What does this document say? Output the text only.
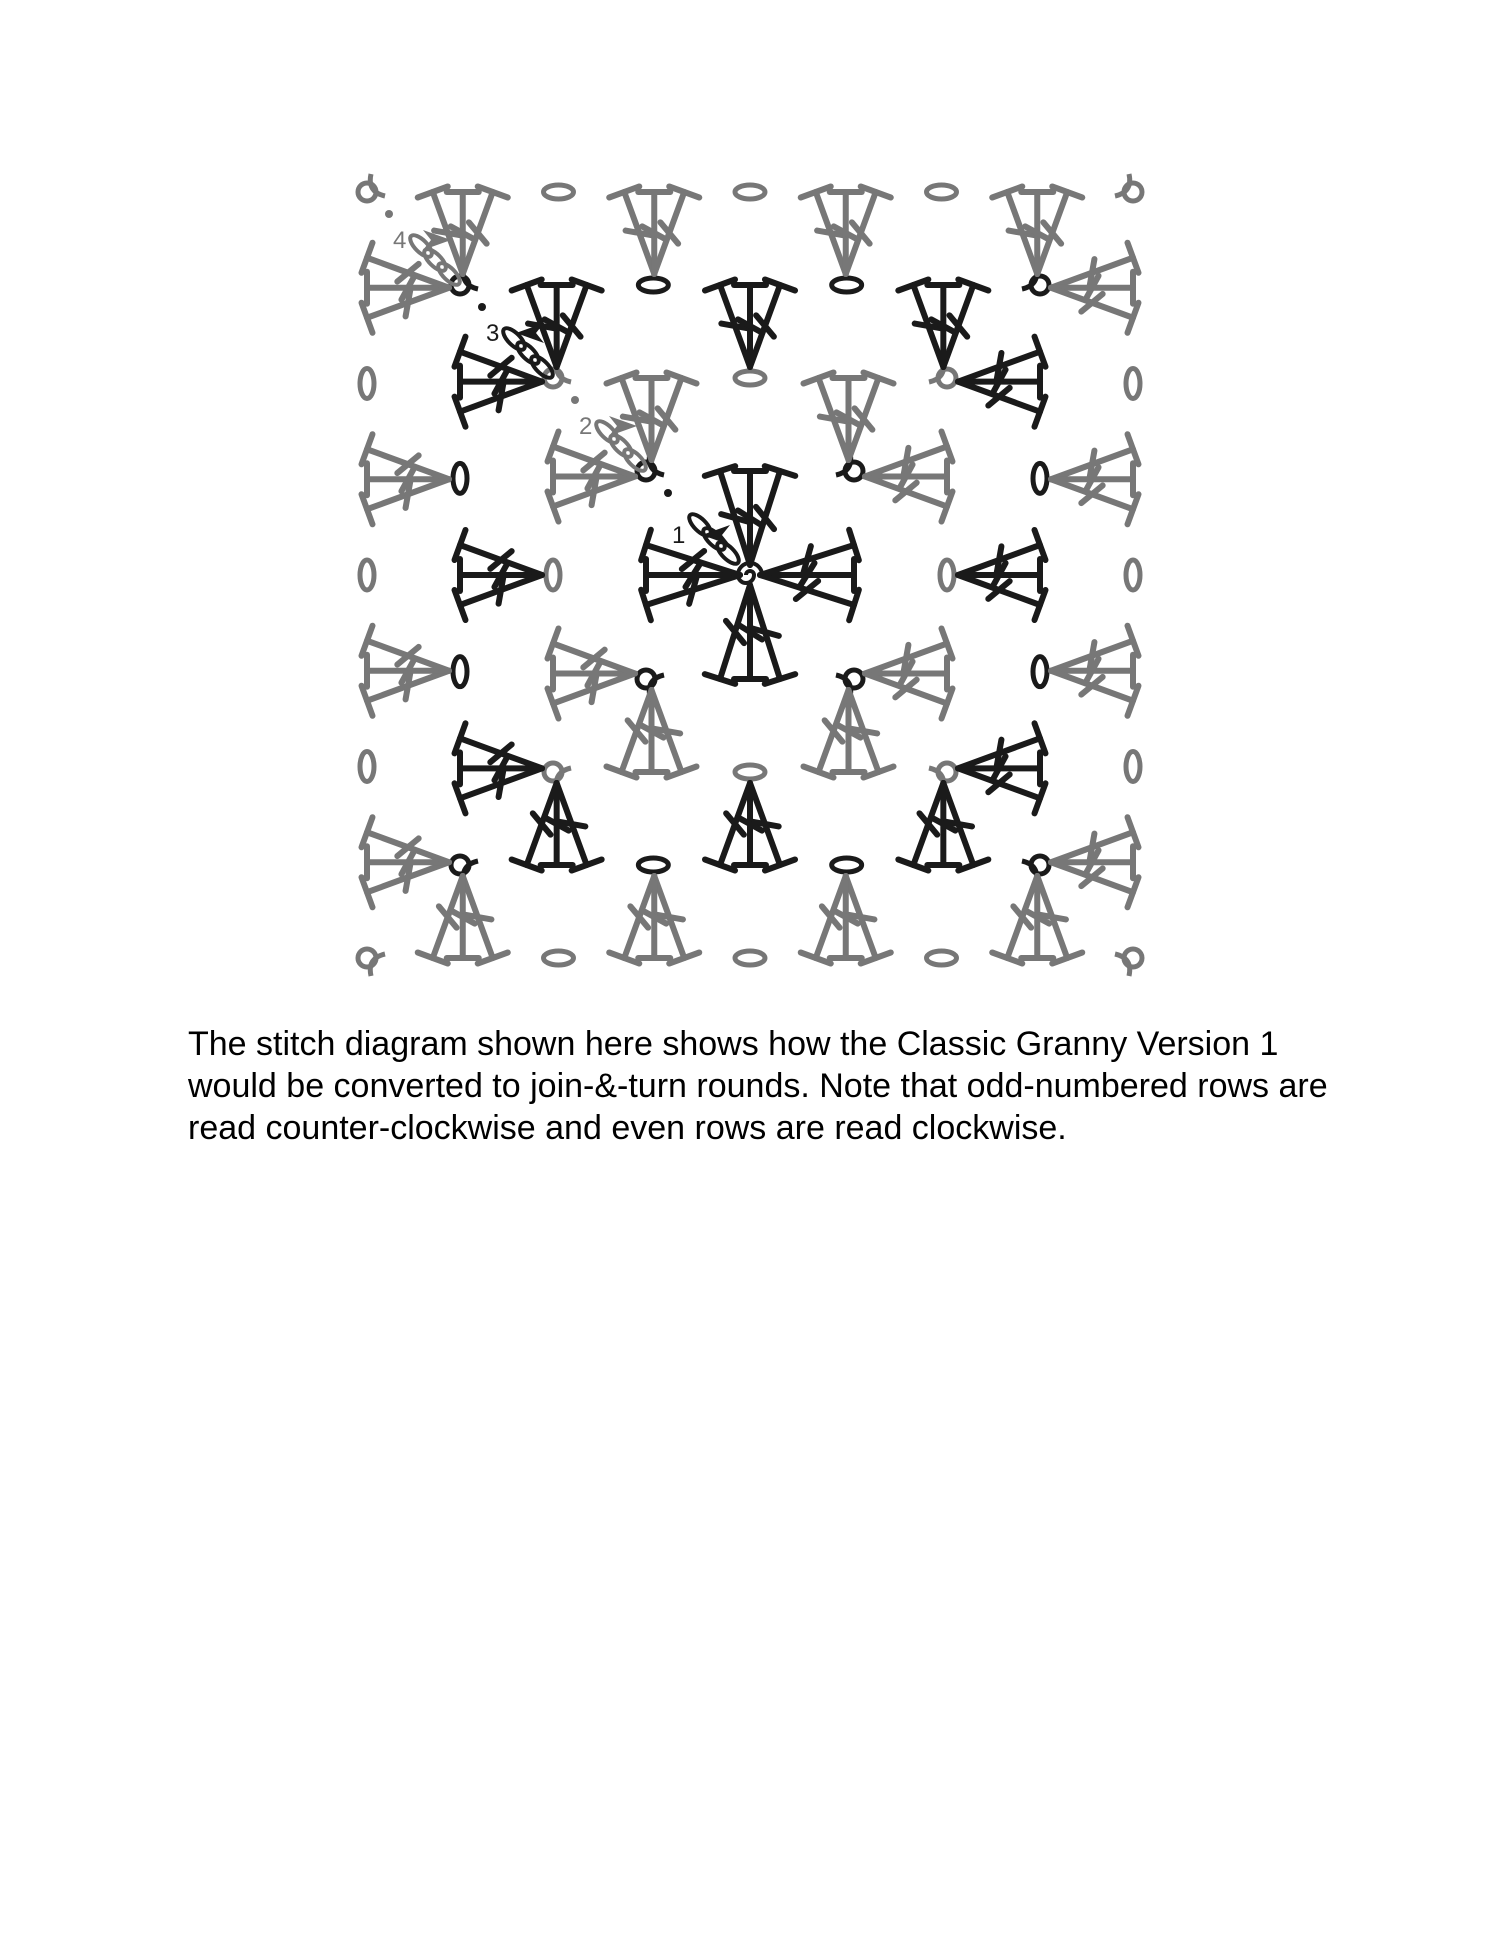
1
2
3
4

The stitch diagram shown here shows how the Classic Granny Version 1 would be converted to join-&-turn rounds. Note that odd-numbered rows are read counter-clockwise and even rows are read clockwise.
